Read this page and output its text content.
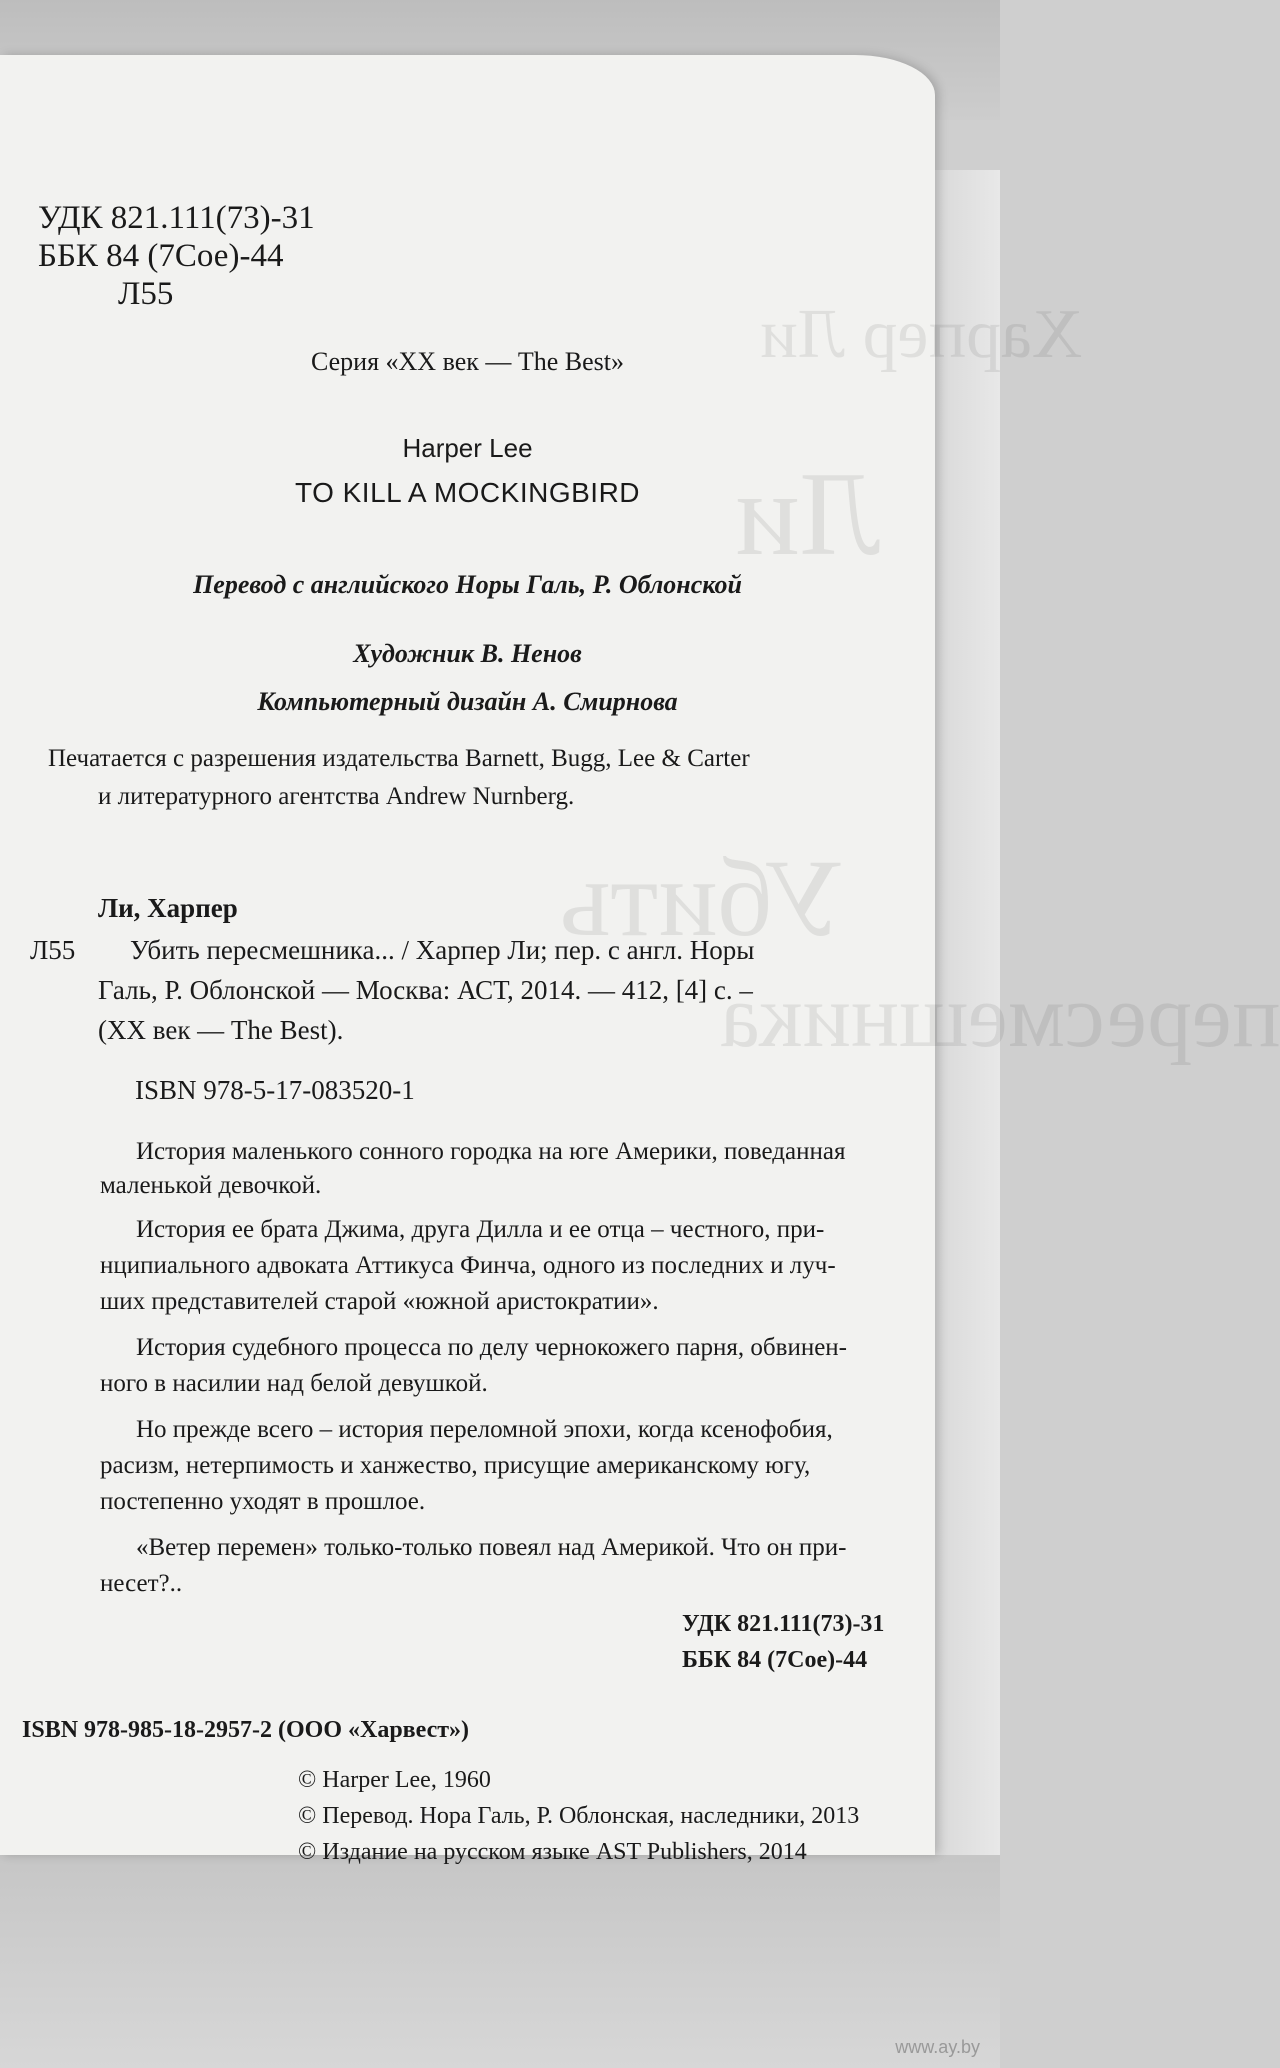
Харпер Ли
Ли
Убить
пересмешника
УДК 821.111(73)-31
ББК 84 (7Сое)-44
Л55
Серия «XX век — The Best»
Harper Lee
TO KILL A MOCKINGBIRD
Перевод с английского Норы Галь, Р. Облонской
Художник В. Ненов
Компьютерный дизайн А. Смирнова
Печатается с разрешения издательства Barnett, Bugg, Lee & Carter
и литературного агентства Andrew Nurnberg.
Ли, Харпер
Л55 Убить пересмешника... / Харпер Ли; пер. с англ. Норы
Галь, Р. Облонской — Москва: АСТ, 2014. — 412, [4] с. –
(XX век — The Best).
ISBN 978-5-17-083520-1
История маленького сонного городка на юге Америки, поведанная
маленькой девочкой.
История ее брата Джима, друга Дилла и ее отца – честного, при-
нципиального адвоката Аттикуса Финча, одного из последних и луч-
ших представителей старой «южной аристократии».
История судебного процесса по делу чернокожего парня, обвинен-
ного в насилии над белой девушкой.
Но прежде всего – история переломной эпохи, когда ксенофобия,
расизм, нетерпимость и ханжество, присущие американскому югу,
постепенно уходят в прошлое.
«Ветер перемен» только-только повеял над Америкой. Что он при-
несет?..
УДК 821.111(73)-31
ББК 84 (7Сое)-44
ISBN 978-985-18-2957-2 (ООО «Харвест»)
© Harper Lee, 1960
© Перевод. Нора Галь, Р. Облонская, наследники, 2013
© Издание на русском языке AST Publishers, 2014
www.ay.by
